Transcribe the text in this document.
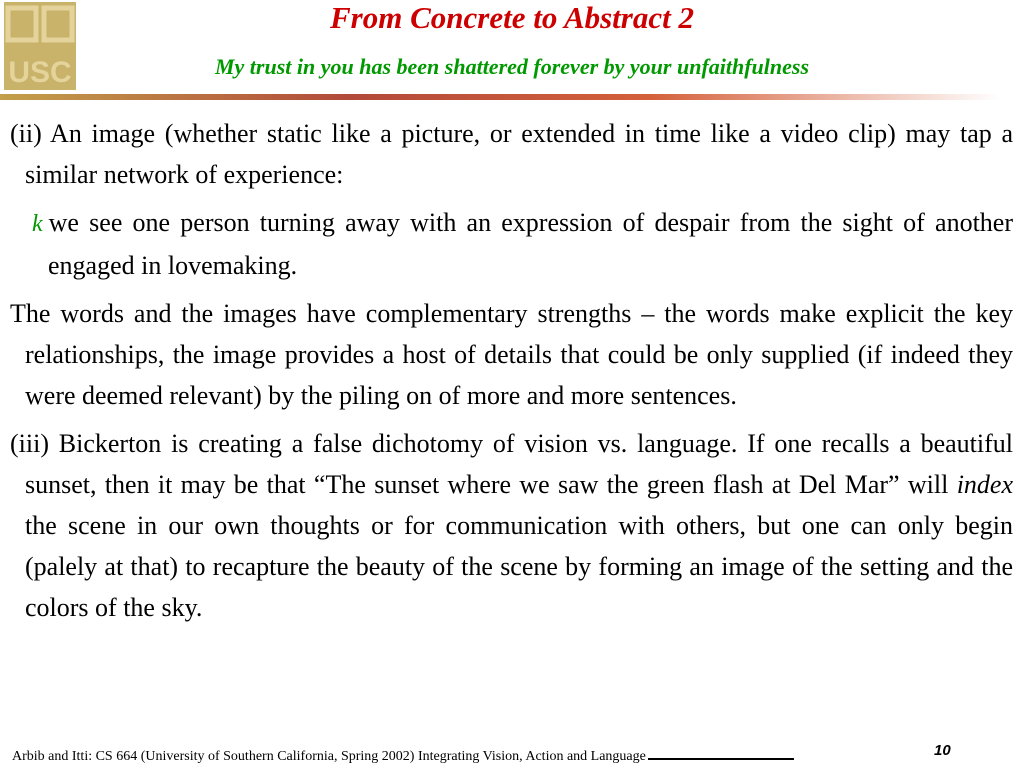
USC
From Concrete to Abstract 2
My trust in you has been shattered forever by your unfaithfulness

(ii) An image (whether static like a picture, or extended in time like a video clip) may tap a similar network of experience:

k we see one person turning away with an expression of despair from the sight of another engaged in lovemaking.

The words and the images have complementary strengths – the words make explicit the key relationships, the image provides a host of details that could be only supplied (if indeed they were deemed relevant) by the piling on of more and more sentences.

(iii) Bickerton is creating a false dichotomy of vision vs. language. If one recalls a beautiful sunset, then it may be that “The sunset where we saw the green flash at Del Mar” will index the scene in our own thoughts or for communication with others, but one can only begin (palely at that) to recapture the beauty of the scene by forming an image of the setting and the colors of the sky.

Arbib and Itti: CS 664 (University of Southern California, Spring 2002) Integrating Vision, Action and Language	10
